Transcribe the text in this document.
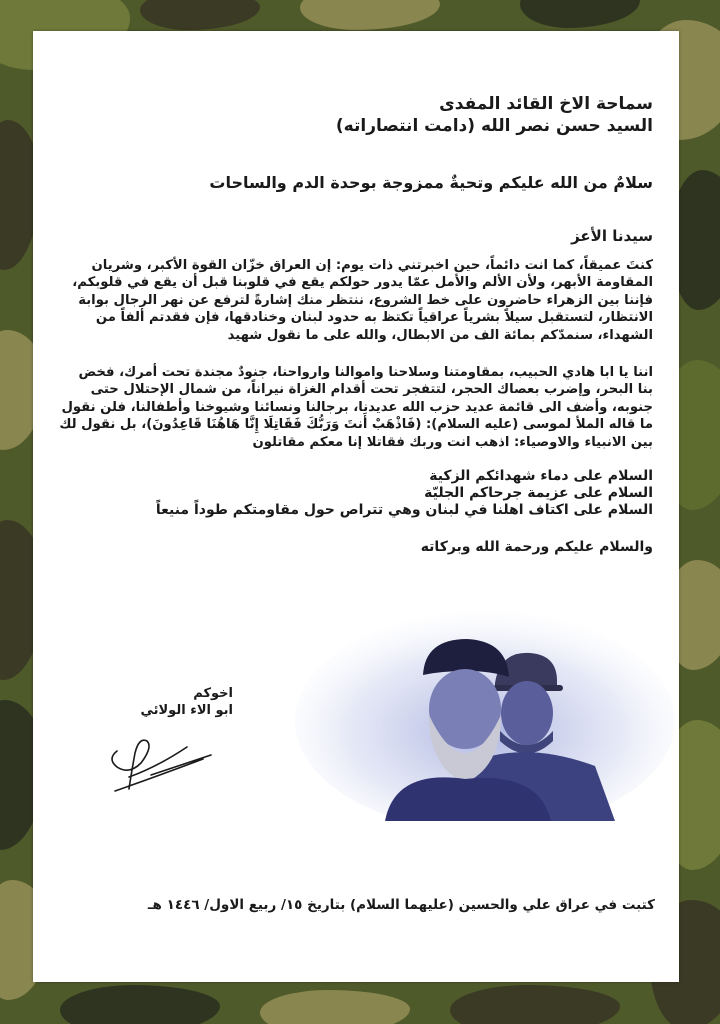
سماحة الاخ القائد المفدى
السيد حسن نصر الله (دامت انتصاراته)
سلامٌ من الله عليكم وتحيةٌ ممزوجة بوحدة الدم والساحات
سيدنا الأعز
كنتَ عميقاً، كما انت دائماً، حين اخبرتني ذات يوم: إن العراق خزّان القوة الأكبر، وشريان المقاومة الأبهر، ولأن الألم والأمل عمّا يدور حولكم يقع في قلوبنا قبل أن يقع في قلوبكم، فإننا بين الزهراء حاضرون على خط الشروع، ننتظر منك إشارةً لترفع عن نهر الرجال بوابة الانتظار، لتستقبل سيلاً بشرياً عراقياً تكتظ به حدود لبنان وخنادقها، فإن فقدتم ألفاً من الشهداء، سنمدّكم بمائة الف من الابطال، والله على ما نقول شهيد
اننا يا ابا هادي الحبيب، بمقاومتنا وسلاحنا واموالنا وارواحنا، جنودٌ مجندة تحت أمرك، فخض بنا البحر، وإضرب بعصاك الحجر، لتتفجر تحت أقدام الغزاة نيراناً، من شمال الإحتلال حتى جنوبه، وأضف الى قائمة عديد حزب الله عديدنا، برجالنا ونسائنا وشيوخنا وأطفالنا، فلن نقول ما قاله الملأ لموسى (عليه السلام): (فَاذْهَبْ أَنتَ وَرَبُّكَ فَقَاتِلَا إِنَّا هَاهُنَا قَاعِدُونَ)، بل نقول لك بين الانبياء والاوصياء: اذهب انت وربك فقاتلا إنا معكم مقاتلون
السلام على دماء شهدائكم الزكية
السلام على عزيمة جرحاكم الجليّة
السلام على اكتاف اهلنا في لبنان وهي تتراص حول مقاومتكم طوداً منيعاً
والسلام عليكم ورحمة الله وبركاته
اخوكم
ابو الاء الولائي
كتبت في عراق علي والحسين (عليهما السلام) بتاريخ ١٥/ ربيع الاول/ ١٤٤٦ هـ
